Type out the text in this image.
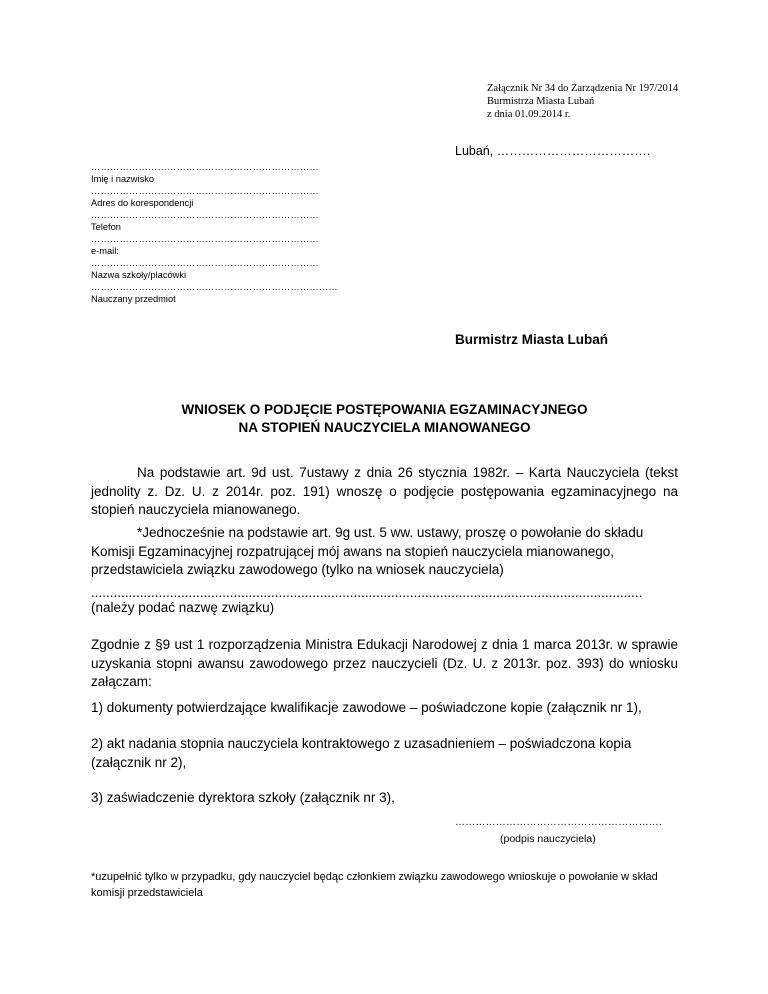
Załącznik Nr 34 do Zarządzenia Nr 197/2014
Burmistrza Miasta Lubań
z dnia 01.09.2014 r.
Lubań, ……………………………….
………………………………………………………………
Imię i nazwisko
………………………………………………………………
Adres do korespondencji
………………………………………………………………
Telefon
………………………………………………………………
e-mail:
………………………………………………………………
Nazwa szkoły/placówki
……………………………………………………………………
Nauczany przedmiot
Burmistrz Miasta Lubań
WNIOSEK O PODJĘCIE POSTĘPOWANIA EGZAMINACYJNEGO
NA STOPIEŃ NAUCZYCIELA MIANOWANEGO
Na podstawie art. 9d ust. 7ustawy z dnia 26 stycznia 1982r. – Karta Nauczyciela (tekst jednolity z. Dz. U. z 2014r. poz. 191) wnoszę o podjęcie postępowania egzaminacyjnego na stopień nauczyciela mianowanego.
*Jednocześnie na podstawie art. 9g ust. 5 ww. ustawy, proszę o powołanie do składu Komisji Egzaminacyjnej rozpatrującej mój awans na stopień nauczyciela mianowanego, przedstawiciela związku zawodowego (tylko na wniosek nauczyciela)
...................................................................................................................................................
(należy podać nazwę związku)
Zgodnie z §9 ust 1 rozporządzenia Ministra Edukacji Narodowej z dnia 1 marca 2013r. w sprawie uzyskania stopni awansu zawodowego przez nauczycieli (Dz. U. z 2013r. poz. 393) do wniosku załączam:
1) dokumenty potwierdzające kwalifikacje zawodowe – poświadczone kopie (załącznik nr 1),
2) akt nadania stopnia nauczyciela kontraktowego z uzasadnieniem – poświadczona kopia (załącznik nr 2),
3) zaświadczenie dyrektora szkoły (załącznik nr 3),
…………………………………………………….
(podpis nauczyciela)
*uzupełnić tylko w przypadku, gdy nauczyciel będąc członkiem związku zawodowego wnioskuje o powołanie w skład komisji przedstawiciela
